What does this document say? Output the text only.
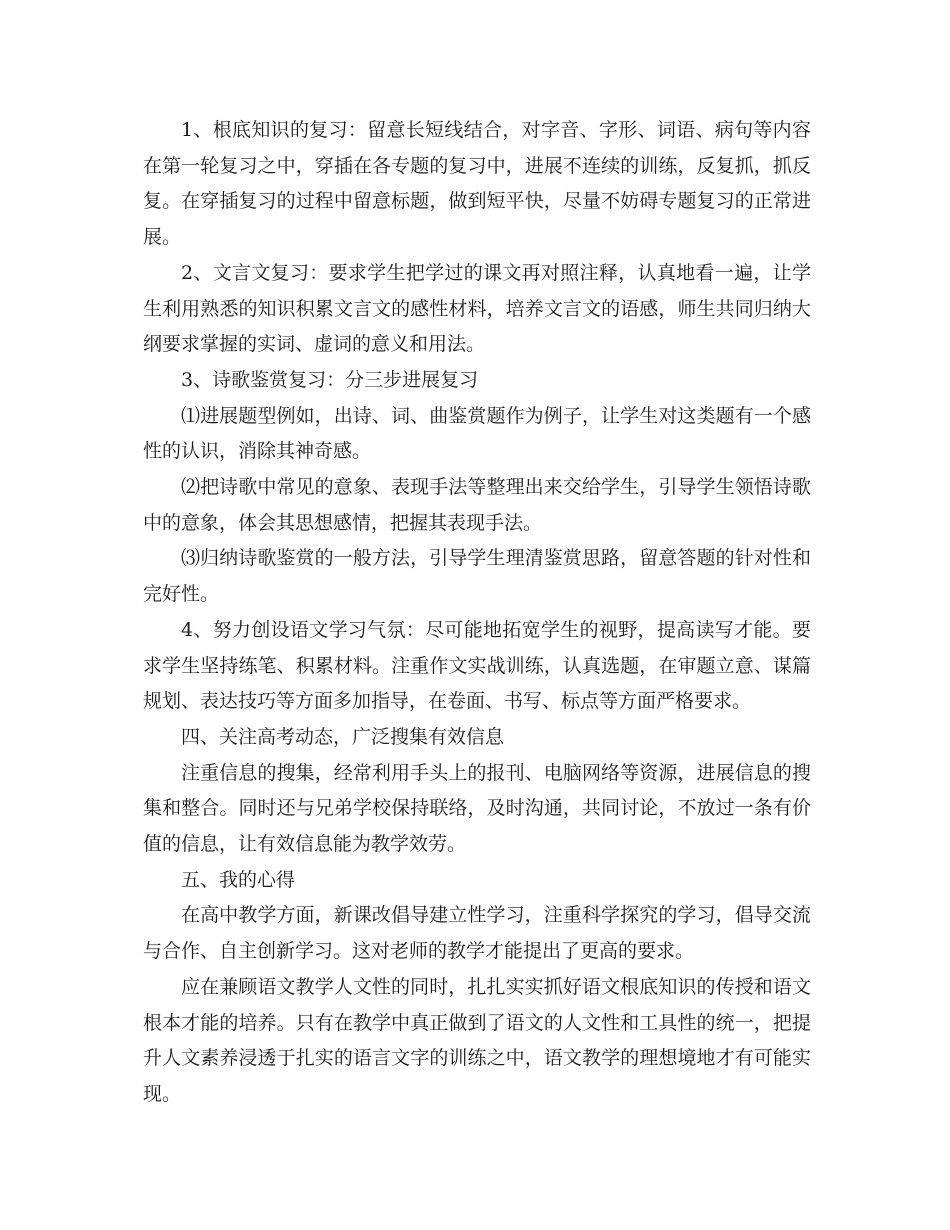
1、根底知识的复习：留意长短线结合，对字音、字形、词语、病句等内容在第一轮复习之中，穿插在各专题的复习中，进展不连续的训练，反复抓，抓反复。在穿插复习的过程中留意标题，做到短平快，尽量不妨碍专题复习的正常进展。

2、文言文复习：要求学生把学过的课文再对照注释，认真地看一遍，让学生利用熟悉的知识积累文言文的感性材料，培养文言文的语感，师生共同归纳大纲要求掌握的实词、虚词的意义和用法。

3、诗歌鉴赏复习：分三步进展复习

⑴进展题型例如，出诗、词、曲鉴赏题作为例子，让学生对这类题有一个感性的认识，消除其神奇感。

⑵把诗歌中常见的意象、表现手法等整理出来交给学生，引导学生领悟诗歌中的意象，体会其思想感情，把握其表现手法。

⑶归纳诗歌鉴赏的一般方法，引导学生理清鉴赏思路，留意答题的针对性和完好性。

4、努力创设语文学习气氛：尽可能地拓宽学生的视野，提高读写才能。要求学生坚持练笔、积累材料。注重作文实战训练，认真选题，在审题立意、谋篇规划、表达技巧等方面多加指导，在卷面、书写、标点等方面严格要求。

四、关注高考动态，广泛搜集有效信息

注重信息的搜集，经常利用手头上的报刊、电脑网络等资源，进展信息的搜集和整合。同时还与兄弟学校保持联络，及时沟通，共同讨论，不放过一条有价值的信息，让有效信息能为教学效劳。

五、我的心得

在高中教学方面，新课改倡导建立性学习，注重科学探究的学习，倡导交流与合作、自主创新学习。这对老师的教学才能提出了更高的要求。

应在兼顾语文教学人文性的同时，扎扎实实抓好语文根底知识的传授和语文根本才能的培养。只有在教学中真正做到了语文的人文性和工具性的统一，把提升人文素养浸透于扎实的语言文字的训练之中，语文教学的理想境地才有可能实现。
